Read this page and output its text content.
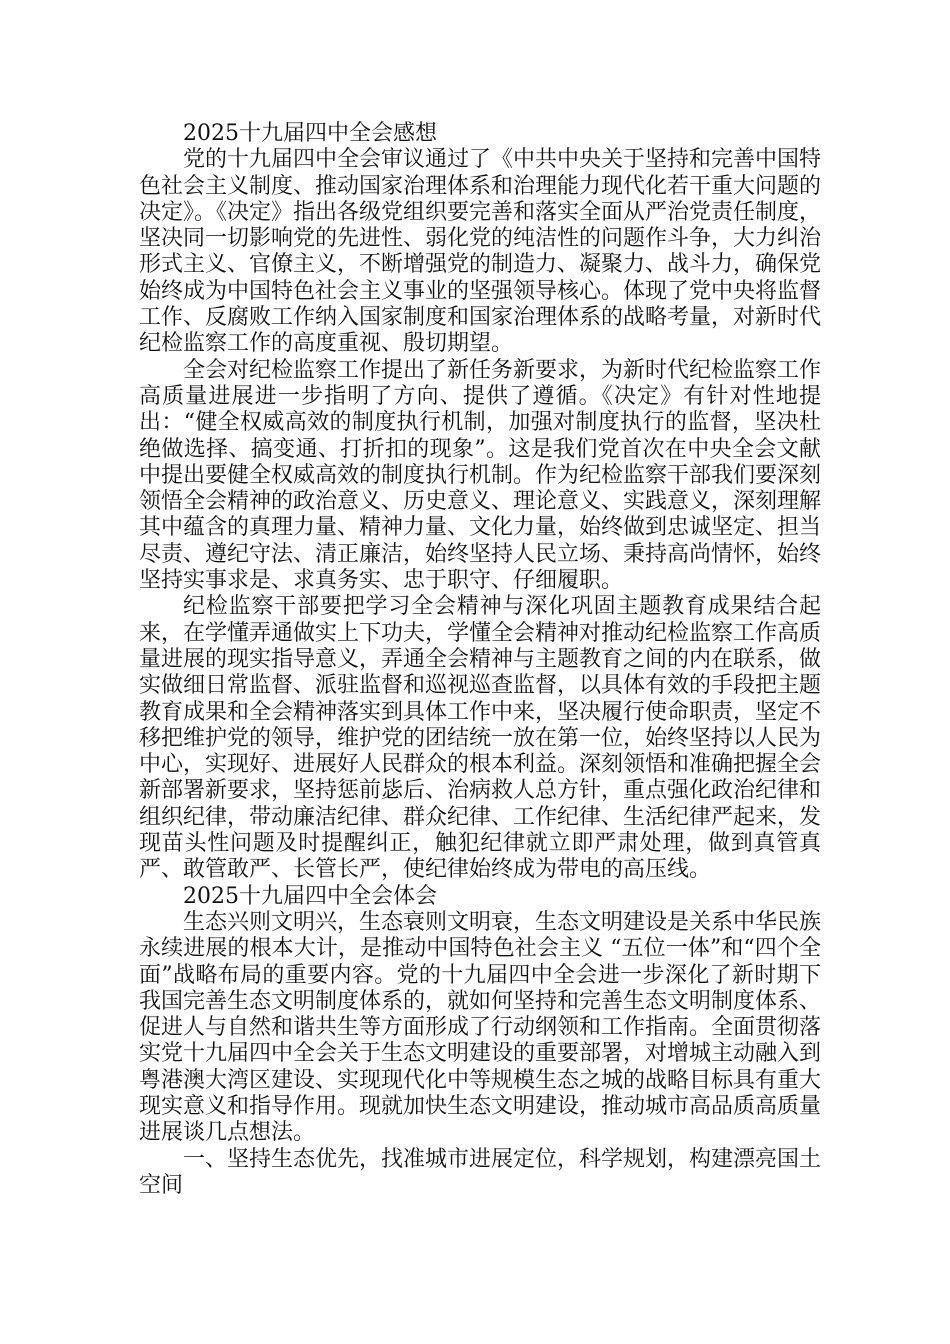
2025十九届四中全会感想

党的十九届四中全会审议通过了《中共中央关于坚持和完善中国特色社会主义制度、推动国家治理体系和治理能力现代化若干重大问题的决定》。《决定》指出各级党组织要完善和落实全面从严治党责任制度，坚决同一切影响党的先进性、弱化党的纯洁性的问题作斗争，大力纠治形式主义、官僚主义，不断增强党的制造力、凝聚力、战斗力，确保党始终成为中国特色社会主义事业的坚强领导核心。体现了党中央将监督工作、反腐败工作纳入国家制度和国家治理体系的战略考量，对新时代纪检监察工作的高度重视、殷切期望。

全会对纪检监察工作提出了新任务新要求，为新时代纪检监察工作高质量进展进一步指明了方向、提供了遵循。《决定》有针对性地提出：“健全权威高效的制度执行机制，加强对制度执行的监督，坚决杜绝做选择、搞变通、打折扣的现象”。这是我们党首次在中央全会文献中提出要健全权威高效的制度执行机制。作为纪检监察干部我们要深刻领悟全会精神的政治意义、历史意义、理论意义、实践意义，深刻理解其中蕴含的真理力量、精神力量、文化力量，始终做到忠诚坚定、担当尽责、遵纪守法、清正廉洁，始终坚持人民立场、秉持高尚情怀，始终坚持实事求是、求真务实、忠于职守、仔细履职。

纪检监察干部要把学习全会精神与深化巩固主题教育成果结合起来，在学懂弄通做实上下功夫，学懂全会精神对推动纪检监察工作高质量进展的现实指导意义，弄通全会精神与主题教育之间的内在联系，做实做细日常监督、派驻监督和巡视巡查监督，以具体有效的手段把主题教育成果和全会精神落实到具体工作中来，坚决履行使命职责，坚定不移把维护党的领导，维护党的团结统一放在第一位，始终坚持以人民为中心，实现好、进展好人民群众的根本利益。深刻领悟和准确把握全会新部署新要求，坚持惩前毖后、治病救人总方针，重点强化政治纪律和组织纪律，带动廉洁纪律、群众纪律、工作纪律、生活纪律严起来，发现苗头性问题及时提醒纠正，触犯纪律就立即严肃处理，做到真管真严、敢管敢严、长管长严，使纪律始终成为带电的高压线。

2025十九届四中全会体会

生态兴则文明兴，生态衰则文明衰，生态文明建设是关系中华民族永续进展的根本大计，是推动中国特色社会主义 “五位一体”和“四个全面”战略布局的重要内容。党的十九届四中全会进一步深化了新时期下我国完善生态文明制度体系的，就如何坚持和完善生态文明制度体系、促进人与自然和谐共生等方面形成了行动纲领和工作指南。全面贯彻落实党十九届四中全会关于生态文明建设的重要部署，对增城主动融入到粤港澳大湾区建设、实现现代化中等规模生态之城的战略目标具有重大现实意义和指导作用。现就加快生态文明建设，推动城市高品质高质量进展谈几点想法。

一、坚持生态优先，找准城市进展定位，科学规划，构建漂亮国土空间
